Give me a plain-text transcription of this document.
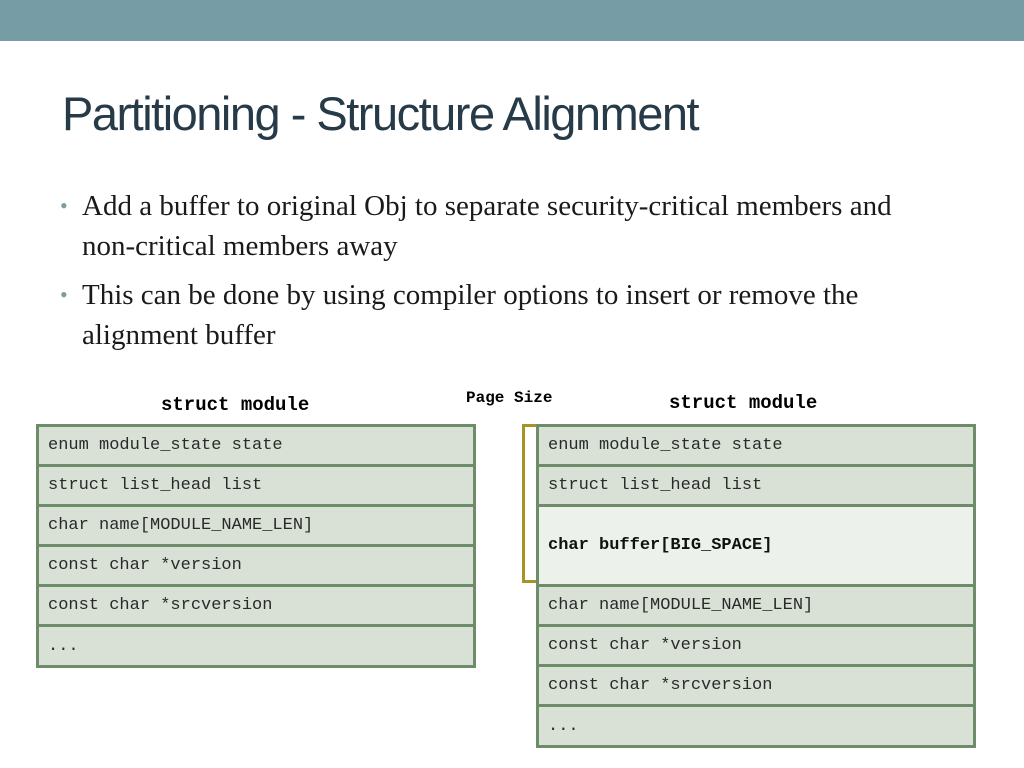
Partitioning - Structure Alignment
• Add a buffer to original Obj to separate security-critical members and non-critical members away
• This can be done by using compiler options to insert or remove the alignment buffer
struct module
enum module_state state
struct list_head list
char name[MODULE_NAME_LEN]
const char *version
const char *srcversion
...
Page Size	struct module
enum module_state state
struct list_head list
char buffer[BIG_SPACE]
char name[MODULE_NAME_LEN]
const char *version
const char *srcversion
...
